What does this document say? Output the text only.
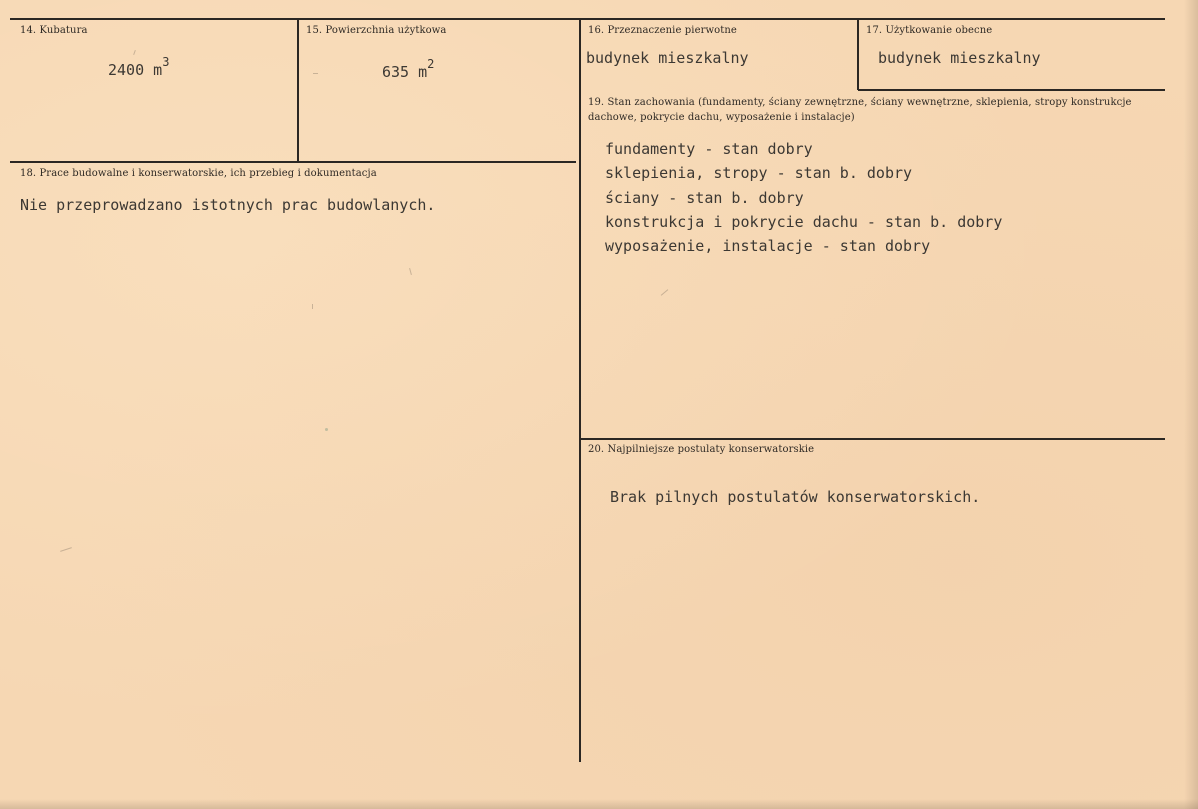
14. Kubatura
2400 $m^3$
15. Powierzchnia użytkowa
635 $m^2$
16. Przeznaczenie pierwotne
budynek mieszkalny
17. Użytkowanie obecne
budynek mieszkalny
18. Prace budowalne i konserwatorskie, ich przebieg i dokumentacja
Nie przeprowadzano istotnych prac budowlanych.
19. Stan zachowania (fundamenty, ściany zewnętrzne, ściany wewnętrzne, sklepienia, stropy konstrukcje dachowe, pokrycie dachu, wyposażenie i instalacje)
fundamenty - stan dobry
sklepienia, stropy - stan b. dobry
ściany - stan b. dobry
konstrukcja i pokrycie dachu - stan b. dobry
wyposażenie, instalacje - stan dobry
20. Najpilniejsze postulaty konserwatorskie
Brak pilnych postulatów konserwatorskich.
